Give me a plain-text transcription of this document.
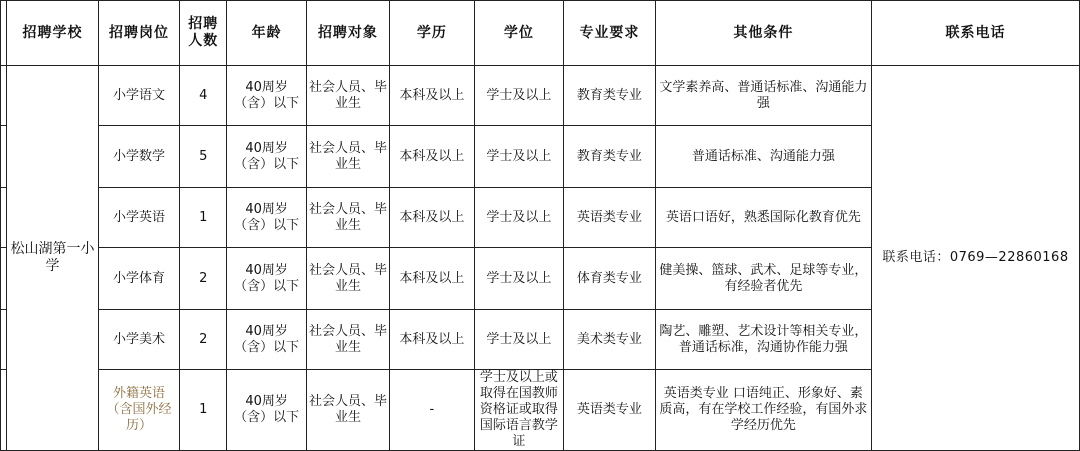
	招聘学校	招聘岗位	招聘人数	年龄	招聘对象	学历	学位	专业要求	其他条件	联系电话
	松山湖第一小学	小学语文	4	40周岁（含）以下	社会人员、毕业生	本科及以上	学士及以上	教育类专业	文学素养高、普通话标准、沟通能力强	联系电话：0769—22860168
		小学数学	5	40周岁（含）以下	社会人员、毕业生	本科及以上	学士及以上	教育类专业	普通话标准、沟通能力强	
		小学英语	1	40周岁（含）以下	社会人员、毕业生	本科及以上	学士及以上	英语类专业	英语口语好，熟悉国际化教育优先	
		小学体育	2	40周岁（含）以下	社会人员、毕业生	本科及以上	学士及以上	体育类专业	健美操、篮球、武术、足球等专业，有经验者优先	
		小学美术	2	40周岁（含）以下	社会人员、毕业生	本科及以上	学士及以上	美术类专业	陶艺、雕塑、艺术设计等相关专业，普通话标准，沟通协作能力强	
		外籍英语（含国外经历）	1	40周岁（含）以下	社会人员、毕业生	-	学士及以上或取得在国教师资格证或取得国际语言教学证	英语类专业	英语类专业 口语纯正、形象好、素质高，有在学校工作经验，有国外求学经历优先	
